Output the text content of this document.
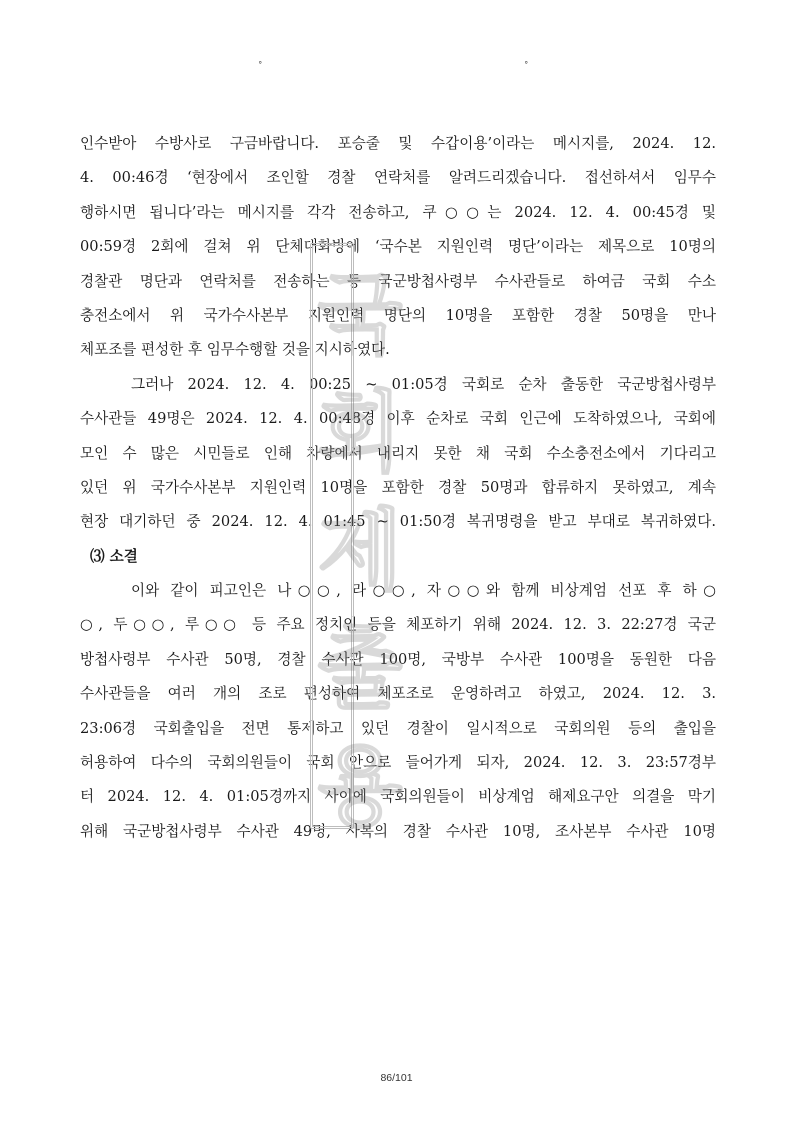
˚	˚
인수받아 수방사로 구금바랍니다. 포승줄 및 수갑이용’이라는 메시지를, 2024. 12.
4. 00:46경 ‘현장에서 조인할 경찰 연락처를 알려드리겠습니다. 접선하셔서 임무수
행하시면 됩니다’라는 메시지를 각각 전송하고, 쿠○○는 2024. 12. 4. 00:45경 및
00:59경 2회에 걸쳐 위 단체대화방에 ‘국수본 지원인력 명단’이라는 제목으로 10명의
경찰관 명단과 연락처를 전송하는 등 국군방첩사령부 수사관들로 하여금 국회 수소
충전소에서 위 국가수사본부 지원인력 명단의 10명을 포함한 경찰 50명을 만나
체포조를 편성한 후 임무수행할 것을 지시하였다.
그러나 2024. 12. 4. 00:25 ~ 01:05경 국회로 순차 출동한 국군방첩사령부
수사관들 49명은 2024. 12. 4. 00:48경 이후 순차로 국회 인근에 도착하였으나, 국회에
모인 수 많은 시민들로 인해 차량에서 내리지 못한 채 국회 수소충전소에서 기다리고
있던 위 국가수사본부 지원인력 10명을 포함한 경찰 50명과 합류하지 못하였고, 계속
현장 대기하던 중 2024. 12. 4. 01:45 ~ 01:50경 복귀명령을 받고 부대로 복귀하였다.
⑶ 소결
이와 같이 피고인은 나○○, 라○○, 자○○와 함께 비상계엄 선포 후 하○
○, 두○○, 루○○ 등 주요 정치인 등을 체포하기 위해 2024. 12. 3. 22:27경 국군
방첩사령부 수사관 50명, 경찰 수사관 100명, 국방부 수사관 100명을 동원한 다음
수사관들을 여러 개의 조로 편성하여 체포조로 운영하려고 하였고, 2024. 12. 3.
23:06경 국회출입을 전면 통제하고 있던 경찰이 일시적으로 국회의원 등의 출입을
허용하여 다수의 국회의원들이 국회 안으로 들어가게 되자, 2024. 12. 3. 23:57경부
터 2024. 12. 4. 01:05경까지 사이에 국회의원들이 비상계엄 해제요구안 의결을 막기
위해 국군방첩사령부 수사관 49명, 사복의 경찰 수사관 10명, 조사본부 수사관 10명
국
회
제
출
용
86/101
